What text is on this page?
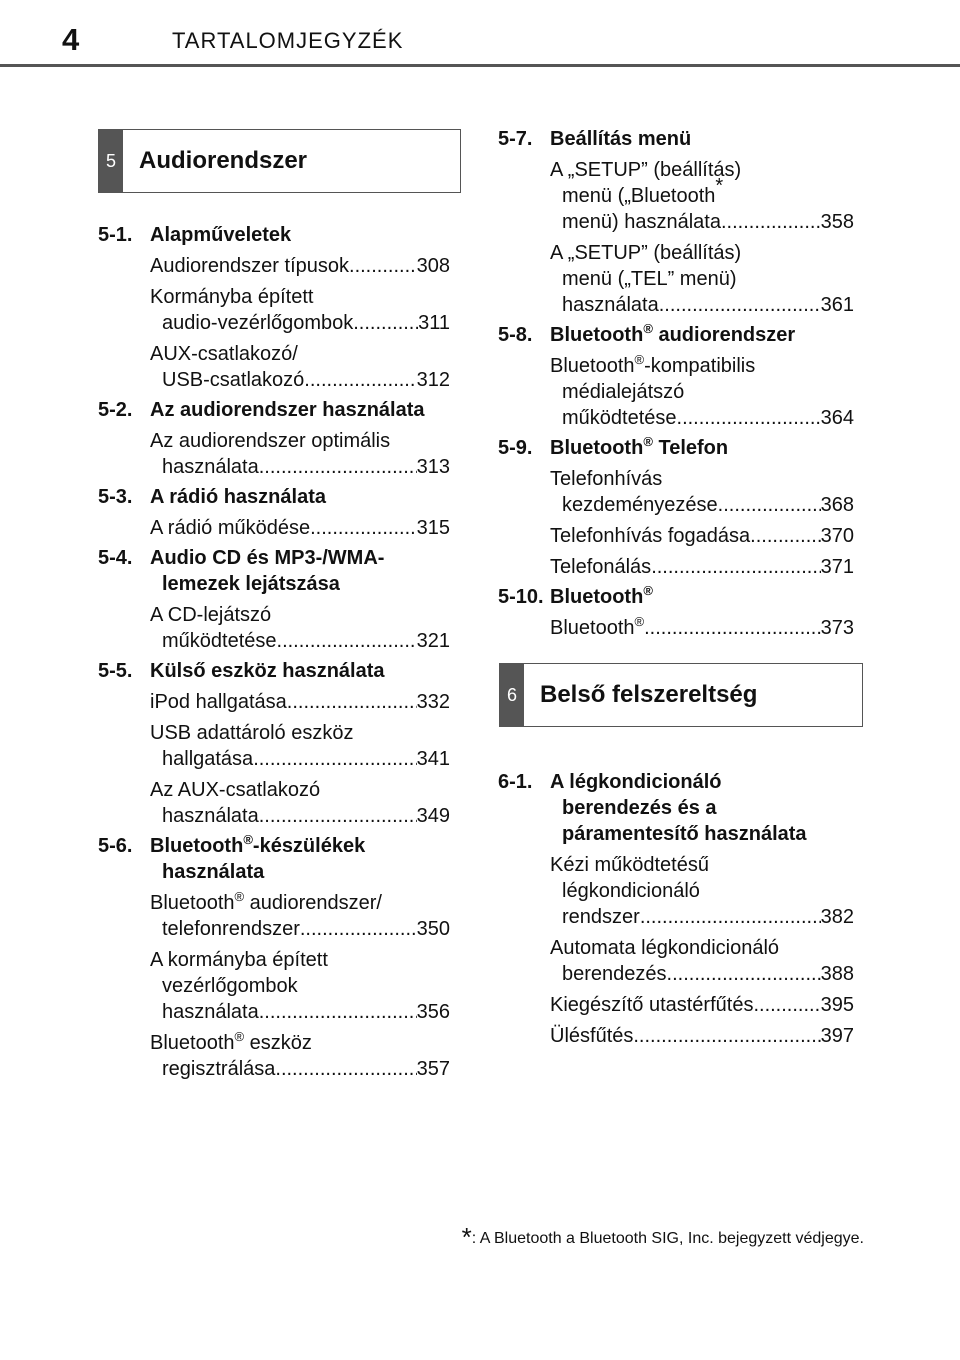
4	TARTALOMJEGYZÉK
5 Audiorendszer
5-1. Alapműveletek
Audiorendszer típusok .....	308
Kormányba épített
audio-vezérlőgombok .....	311
AUX-csatlakozó/
USB-csatlakozó .....	312
5-2. Az audiorendszer használata
Az audiorendszer optimális
használata .....	313
5-3. A rádió használata
A rádió működése .....	315
5-4. Audio CD és MP3-/WMA-
lemezek lejátszása
A CD-lejátszó
működtetése .....	321
5-5. Külső eszköz használata
iPod hallgatása .....	332
USB adattároló eszköz
hallgatása .....	341
Az AUX-csatlakozó
használata .....	349
5-6. Bluetooth®-készülékek
használata
Bluetooth® audiorendszer/
telefonrendszer .....	350
A kormányba épített
vezérlőgombok
használata .....	356
Bluetooth® eszköz
regisztrálása .....	357
5-7. Beállítás menü
A „SETUP” (beállítás)
menü („Bluetooth*
menü) használata .....	358
A „SETUP” (beállítás)
menü („TEL” menü)
használata .....	361
5-8. Bluetooth® audiorendszer
Bluetooth®-kompatibilis
médialejátszó
működtetése .....	364
5-9. Bluetooth® Telefon
Telefonhívás
kezdeményezése .....	368
Telefonhívás fogadása .....	370
Telefonálás .....	371
5-10. Bluetooth®
Bluetooth® .....	373
6-1. A légkondicionáló
berendezés és a
páramentesítő használata
Kézi működtetésű
légkondicionáló
rendszer .....	382
Automata légkondicionáló
berendezés .....	388
Kiegészítő utastérfűtés .....	395
Ülésfűtés .....	397
6 Belső felszereltség
*: A Bluetooth a Bluetooth SIG, Inc. bejegyzett védjegye.
